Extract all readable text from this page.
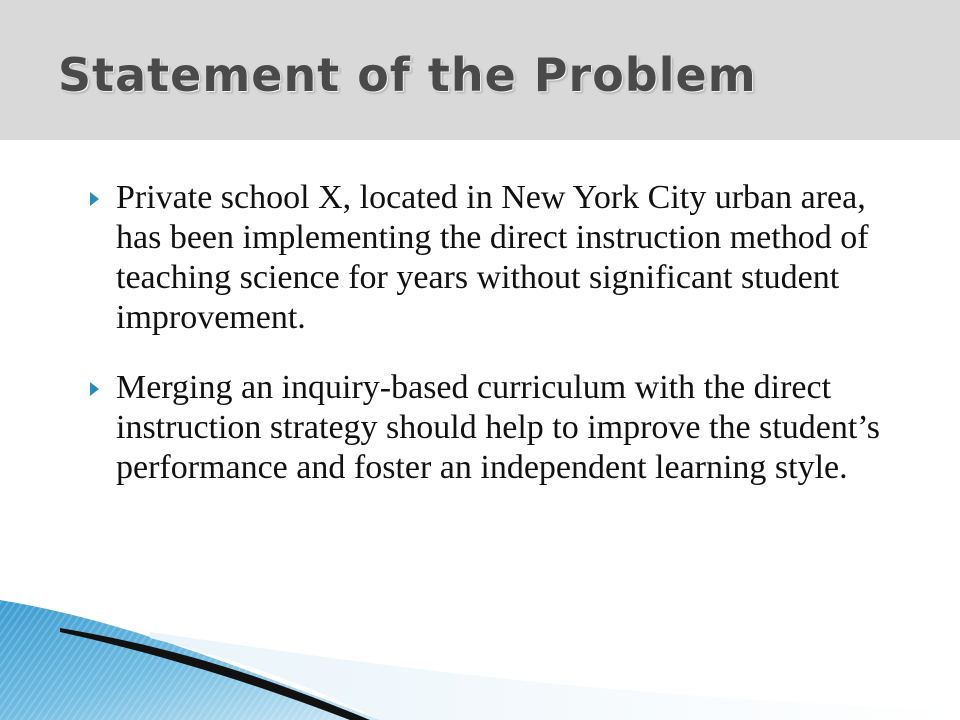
Statement of the Problem
Private school X, located in New York City urban area, has been implementing the direct instruction method of teaching science for years without significant student improvement.
Merging an inquiry-based curriculum with the direct instruction strategy should help to improve the student’s performance and foster an independent learning style.
